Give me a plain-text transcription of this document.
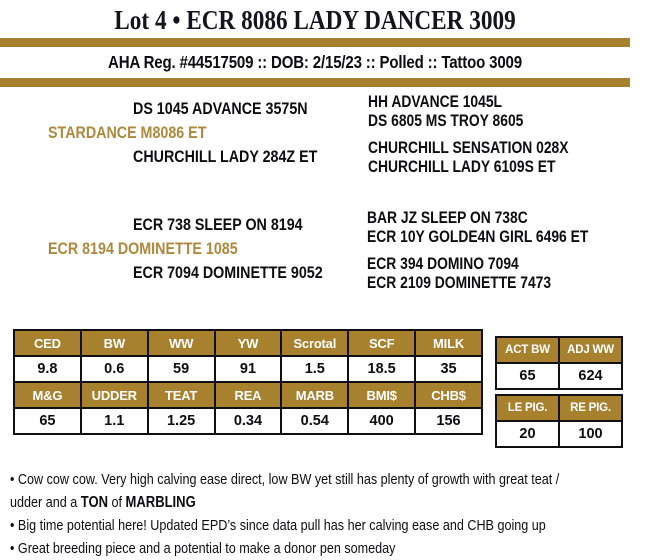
Lot 4 • ECR 8086 LADY DANCER 3009
AHA Reg. #44517509 :: DOB: 2/15/23 :: Polled :: Tattoo 3009
DS 1045 ADVANCE 3575N
STARDANCE M8086 ET
CHURCHILL LADY 284Z ET
HH ADVANCE 1045L
DS 6805 MS TROY 8605
CHURCHILL SENSATION 028X
CHURCHILL LADY 6109S ET
ECR 738 SLEEP ON 8194
ECR 8194 DOMINETTE 1085
ECR 7094 DOMINETTE 9052
BAR JZ SLEEP ON 738C
ECR 10Y GOLDE4N GIRL 6496 ET
ECR 394 DOMINO 7094
ECR 2109 DOMINETTE 7473
CED	BW	WW	YW	Scrotal	SCF	MILK
9.8	0.6	59	91	1.5	18.5	35
M&G	UDDER	TEAT	REA	MARB	BMI$	CHB$
65	1.1	1.25	0.34	0.54	400	156
ACT BW	ADJ WW
65	624
LE PIG.	RE PIG.
20	100
• Cow cow cow. Very high calving ease direct, low BW yet still has plenty of growth with great teat /
udder and a TON of MARBLING
• Big time potential here! Updated EPD’s since data pull has her calving ease and CHB going up
• Great breeding piece and a potential to make a donor pen someday
